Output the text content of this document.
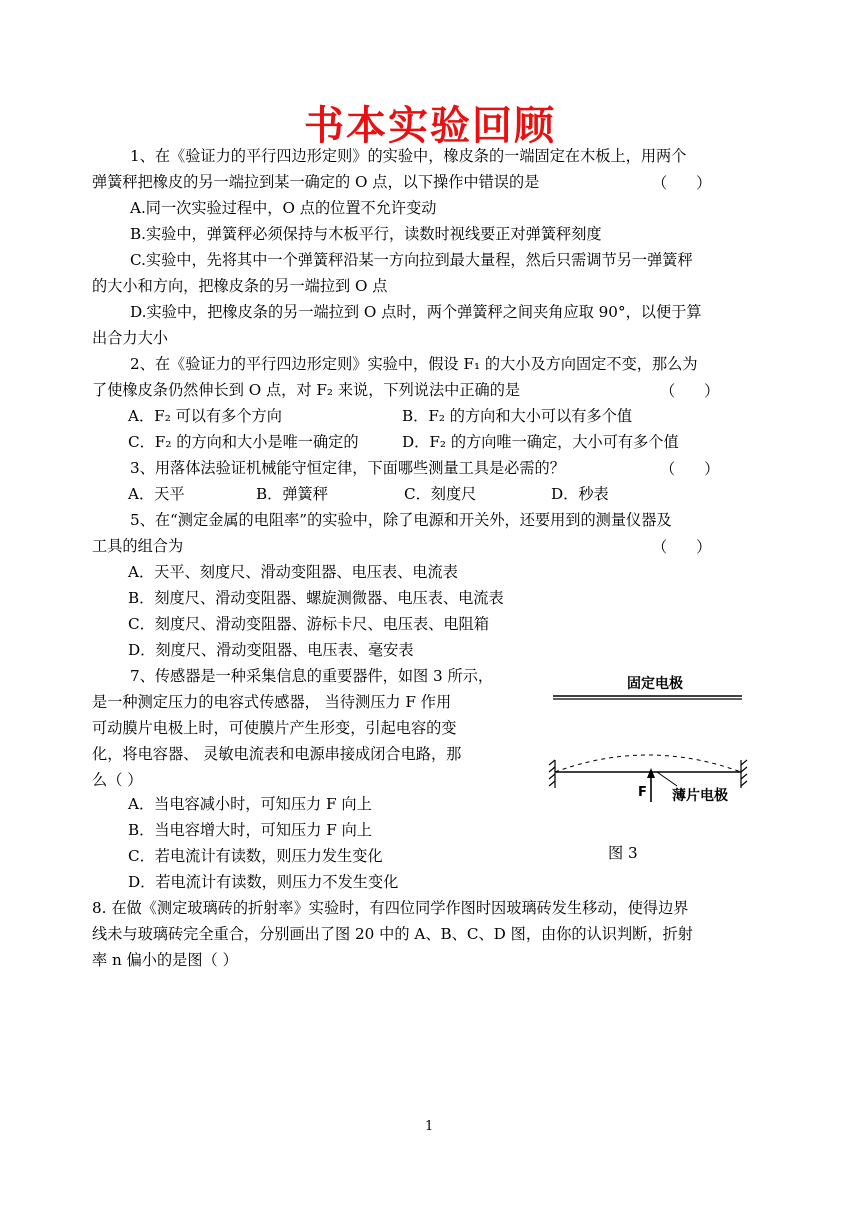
书本实验回顾
1、在《验证力的平行四边形定则》的实验中，橡皮条的一端固定在木板上，用两个
弹簧秤把橡皮的另一端拉到某一确定的 O 点，以下操作中错误的是	（      ）
A.同一次实验过程中，O 点的位置不允许变动
B.实验中，弹簧秤必须保持与木板平行，读数时视线要正对弹簧秤刻度
C.实验中，先将其中一个弹簧秤沿某一方向拉到最大量程，然后只需调节另一弹簧秤
的大小和方向，把橡皮条的另一端拉到 O 点
D.实验中，把橡皮条的另一端拉到 O 点时，两个弹簧秤之间夹角应取 90°，以便于算
出合力大小
2、在《验证力的平行四边形定则》实验中，假设 F₁ 的大小及方向固定不变，那么为
了使橡皮条仍然伸长到 O 点，对 F₂ 来说，下列说法中正确的是	（      ）
A．F₂ 可以有多个方向	B．F₂ 的方向和大小可以有多个值
C．F₂ 的方向和大小是唯一确定的	D．F₂ 的方向唯一确定，大小可有多个值
3、用落体法验证机械能守恒定律，下面哪些测量工具是必需的？	（      ）
A．天平	B．弹簧秤	C．刻度尺	D．秒表
5、在“测定金属的电阻率”的实验中，除了电源和开关外，还要用到的测量仪器及
工具的组合为	（      ）
A．天平、刻度尺、滑动变阻器、电压表、电流表
B．刻度尺、滑动变阻器、螺旋测微器、电压表、电流表
C．刻度尺、滑动变阻器、游标卡尺、电压表、电阻箱
D．刻度尺、滑动变阻器、电压表、毫安表
7、传感器是一种采集信息的重要器件，如图 3 所示，
是一种测定压力的电容式传感器， 当待测压力 F 作用
可动膜片电极上时，可使膜片产生形变，引起电容的变
化，将电容器、 灵敏电流表和电源串接成闭合电路，那
么（ ）
A．当电容减小时，可知压力 F 向上
B．当电容增大时，可知压力 F 向上
C．若电流计有读数，则压力发生变化
D．若电流计有读数，则压力不发生变化
固定电极
F 薄片电极
图 3
8. 在做《测定玻璃砖的折射率》实验时，有四位同学作图时因玻璃砖发生移动，使得边界
线未与玻璃砖完全重合，分别画出了图 20 中的 A、B、C、D 图，由你的认识判断，折射
率 n 偏小的是图（ ）
1
